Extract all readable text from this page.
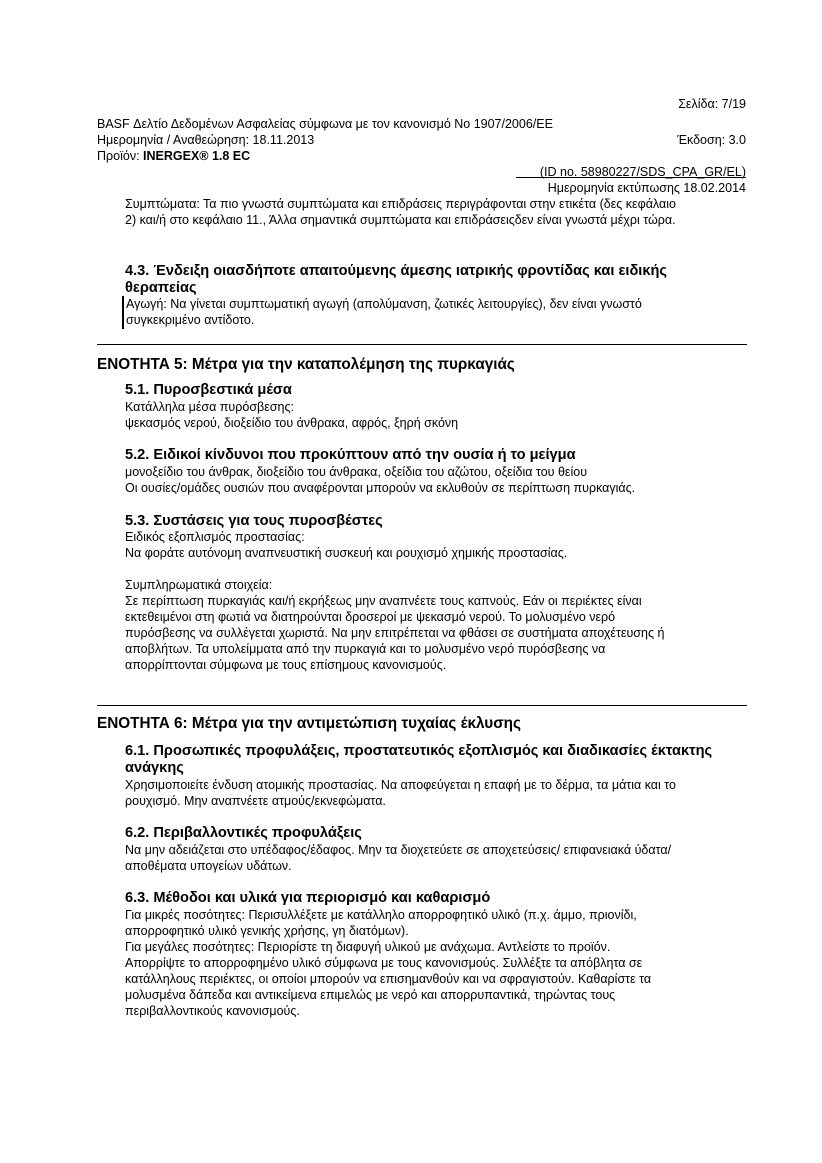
Σελίδα: 7/19
BASF Δελτίο Δεδομένων Ασφαλείας σύμφωνα με τον κανονισμό Νο 1907/2006/ΕΕ
Ημερομηνία / Αναθεώρηση: 18.11.2013	Έκδοση: 3.0
Προϊόν: INERGEX® 1.8 EC
(ID no. 58980227/SDS_CPA_GR/EL)
Ημερομηνία εκτύπωσης 18.02.2014
Συμπτώματα: Τα πιο γνωστά συμπτώματα και επιδράσεις περιγράφονται στην ετικέτα (δες κεφάλαιο
2) και/ή στο κεφάλαιο 11., Άλλα σημαντικά συμπτώματα και επιδράσειςδεν είναι γνωστά μέχρι τώρα.
4.3. Ένδειξη οιασδήποτε απαιτούμενης άμεσης ιατρικής φροντίδας και ειδικής
θεραπείας
Αγωγή: Να γίνεται συμπτωματική αγωγή (απολύμανση, ζωτικές λειτουργίες), δεν είναι γνωστό
συγκεκριμένο αντίδοτο.
ΕΝΟΤΗΤΑ 5: Μέτρα για την καταπολέμηση της πυρκαγιάς
5.1. Πυροσβεστικά μέσα
Κατάλληλα μέσα πυρόσβεσης:
ψεκασμός νερού, διοξείδιο του άνθρακα, αφρός, ξηρή σκόνη
5.2. Ειδικοί κίνδυνοι που προκύπτουν από την ουσία ή το μείγμα
μονοξείδιο του άνθρακ, διοξείδιο του άνθρακα, οξείδια του αζώτου, οξείδια του θείου
Οι ουσίες/ομάδες ουσιών που αναφέρονται μπορούν να εκλυθούν σε περίπτωση πυρκαγιάς.
5.3. Συστάσεις για τους πυροσβέστες
Ειδικός εξοπλισμός προστασίας:
Να φοράτε αυτόνομη αναπνευστική συσκευή και ρουχισμό χημικής προστασίας.
Συμπληρωματικά στοιχεία:
Σε περίπτωση πυρκαγιάς και/ή εκρήξεως μην αναπνέετε τους καπνούς. Εάν οι περιέκτες είναι
εκτεθειμένοι στη φωτιά να διατηρούνται δροσεροί με ψεκασμό νερού. Το μολυσμένο νερό
πυρόσβεσης να συλλέγεται χωριστά. Να μην επιτρέπεται να φθάσει σε συστήματα αποχέτευσης ή
αποβλήτων. Τα υπολείμματα από την πυρκαγιά και το μολυσμένο νερό πυρόσβεσης να
απορρίπτονται σύμφωνα με τους επίσημους κανονισμούς.
ΕΝΟΤΗΤΑ 6: Μέτρα για την αντιμετώπιση τυχαίας έκλυσης
6.1. Προσωπικές προφυλάξεις, προστατευτικός εξοπλισμός και διαδικασίες έκτακτης
ανάγκης
Χρησιμοποιείτε ένδυση ατομικής προστασίας. Να αποφεύγεται η επαφή με το δέρμα, τα μάτια και το
ρουχισμό. Μην αναπνέετε ατμούς/εκνεφώματα.
6.2. Περιβαλλοντικές προφυλάξεις
Να μην αδειάζεται στο υπέδαφος/έδαφος. Μην τα διοχετεύετε σε αποχετεύσεις/ επιφανειακά ύδατα/
αποθέματα υπογείων υδάτων.
6.3. Μέθοδοι και υλικά για περιορισμό και καθαρισμό
Για μικρές ποσότητες: Περισυλλέξετε με κατάλληλο απορροφητικό υλικό (π.χ. άμμο, πριονίδι,
απορροφητικό υλικό γενικής χρήσης, γη διατόμων).
Για μεγάλες ποσότητες: Περιορίστε τη διαφυγή υλικού με ανάχωμα. Αντλείστε το προϊόν.
Απορρίψτε το απορροφημένο υλικό σύμφωνα με τους κανονισμούς. Συλλέξτε τα απόβλητα σε
κατάλληλους περιέκτες, οι οποίοι μπορούν να επισημανθούν και να σφραγιστούν. Καθαρίστε τα
μολυσμένα δάπεδα και αντικείμενα επιμελώς με νερό και απορρυπαντικά, τηρώντας τους
περιβαλλοντικούς κανονισμούς.
